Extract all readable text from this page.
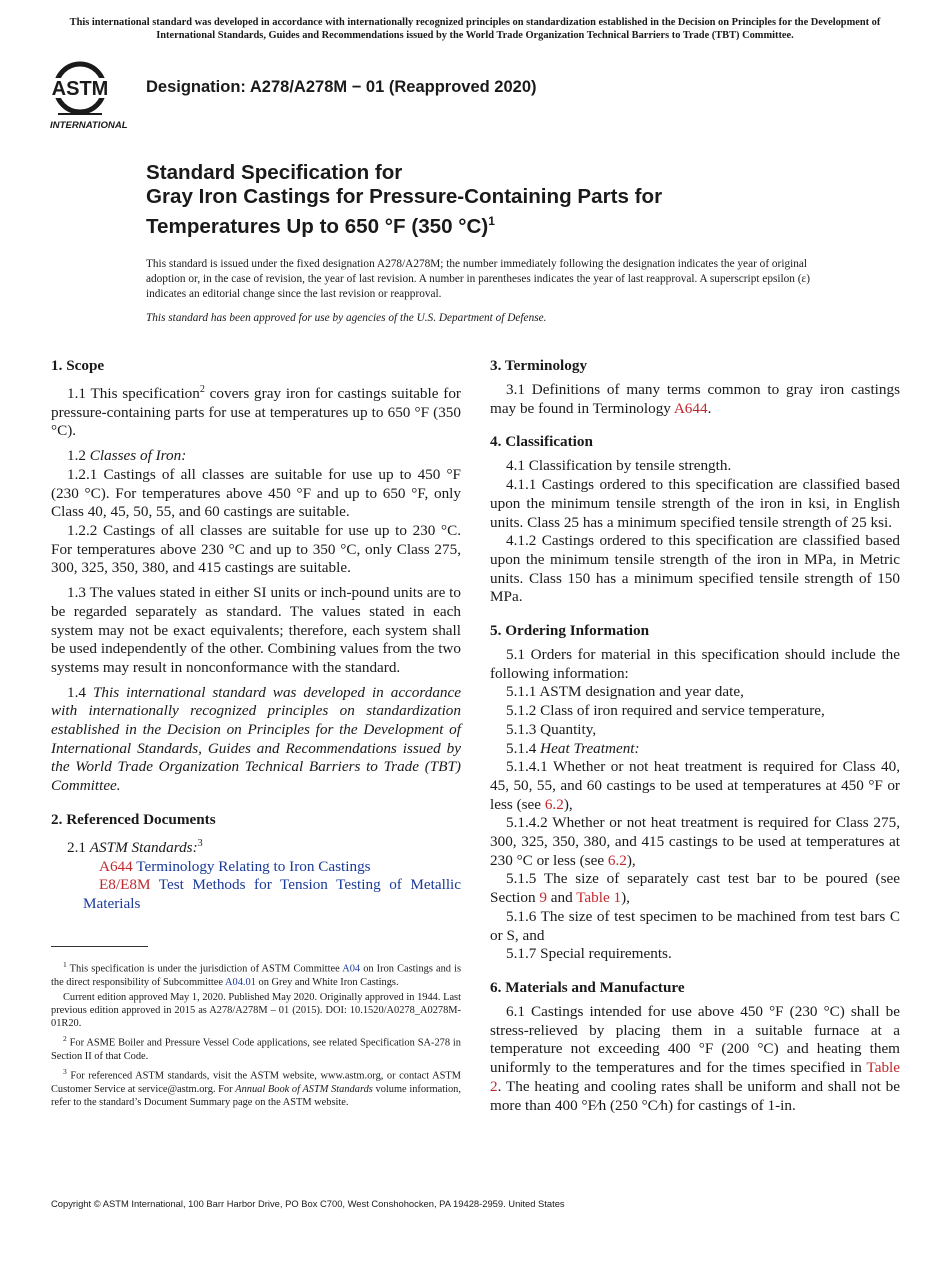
This international standard was developed in accordance with internationally recognized principles on standardization established in the Decision on Principles for the Development of International Standards, Guides and Recommendations issued by the World Trade Organization Technical Barriers to Trade (TBT) Committee.
ASTM
INTERNATIONAL
Designation: A278/A278M − 01 (Reapproved 2020)
Standard Specification for
Gray Iron Castings for Pressure-Containing Parts for
Temperatures Up to 650 °F (350 °C)$^1$

This standard is issued under the fixed designation A278/A278M; the number immediately following the designation indicates the year of original adoption or, in the case of revision, the year of last revision. A number in parentheses indicates the year of last reapproval. A superscript epsilon (ε) indicates an editorial change since the last revision or reapproval.

This standard has been approved for use by agencies of the U.S. Department of Defense.

1. Scope

1.1 This specification$^2$ covers gray iron for castings suitable for pressure-containing parts for use at temperatures up to 650 °F (350 °C).

1.2 Classes of Iron:

1.2.1 Castings of all classes are suitable for use up to 450 °F (230 °C). For temperatures above 450 °F and up to 650 °F, only Class 40, 45, 50, 55, and 60 castings are suitable.

1.2.2 Castings of all classes are suitable for use up to 230 °C. For temperatures above 230 °C and up to 350 °C, only Class 275, 300, 325, 350, 380, and 415 castings are suitable.

1.3 The values stated in either SI units or inch-pound units are to be regarded separately as standard. The values stated in each system may not be exact equivalents; therefore, each system shall be used independently of the other. Combining values from the two systems may result in nonconformance with the standard.

1.4 This international standard was developed in accordance with internationally recognized principles on standardization established in the Decision on Principles for the Development of International Standards, Guides and Recommendations issued by the World Trade Organization Technical Barriers to Trade (TBT) Committee.

2. Referenced Documents

2.1 ASTM Standards:$^3$

A644 Terminology Relating to Iron Castings

E8/E8M Test Methods for Tension Testing of Metallic Materials

3. Terminology

3.1 Definitions of many terms common to gray iron castings may be found in Terminology A644.

4. Classification

4.1 Classification by tensile strength.

4.1.1 Castings ordered to this specification are classified based upon the minimum tensile strength of the iron in ksi, in English units. Class 25 has a minimum specified tensile strength of 25 ksi.

4.1.2 Castings ordered to this specification are classified based upon the minimum tensile strength of the iron in MPa, in Metric units. Class 150 has a minimum specified tensile strength of 150 MPa.

5. Ordering Information

5.1 Orders for material in this specification should include the following information:

5.1.1 ASTM designation and year date,

5.1.2 Class of iron required and service temperature,

5.1.3 Quantity,

5.1.4 Heat Treatment:

5.1.4.1 Whether or not heat treatment is required for Class 40, 45, 50, 55, and 60 castings to be used at temperatures at 450 °F or less (see 6.2),

5.1.4.2 Whether or not heat treatment is required for Class 275, 300, 325, 350, 380, and 415 castings to be used at temperatures at 230 °C or less (see 6.2),

5.1.5 The size of separately cast test bar to be poured (see Section 9 and Table 1),

5.1.6 The size of test specimen to be machined from test bars C or S, and

5.1.7 Special requirements.

6. Materials and Manufacture

6.1 Castings intended for use above 450 °F (230 °C) shall be stress-relieved by placing them in a suitable furnace at a temperature not exceeding 400 °F (200 °C) and heating them uniformly to the temperatures and for the times specified in Table 2. The heating and cooling rates shall be uniform and shall not be more than 400 °F⁄h (250 °C⁄h) for castings of 1-in.

$^1$ This specification is under the jurisdiction of ASTM Committee A04 on Iron Castings and is the direct responsibility of Subcommittee A04.01 on Grey and White Iron Castings.

Current edition approved May 1, 2020. Published May 2020. Originally approved in 1944. Last previous edition approved in 2015 as A278/A278M – 01 (2015). DOI: 10.1520/A0278_A0278M-01R20.

$^2$ For ASME Boiler and Pressure Vessel Code applications, see related Specification SA-278 in Section II of that Code.

$^3$ For referenced ASTM standards, visit the ASTM website, www.astm.org, or contact ASTM Customer Service at service@astm.org. For Annual Book of ASTM Standards volume information, refer to the standard’s Document Summary page on the ASTM website.

Copyright © ASTM International, 100 Barr Harbor Drive, PO Box C700, West Conshohocken, PA 19428-2959. United States
